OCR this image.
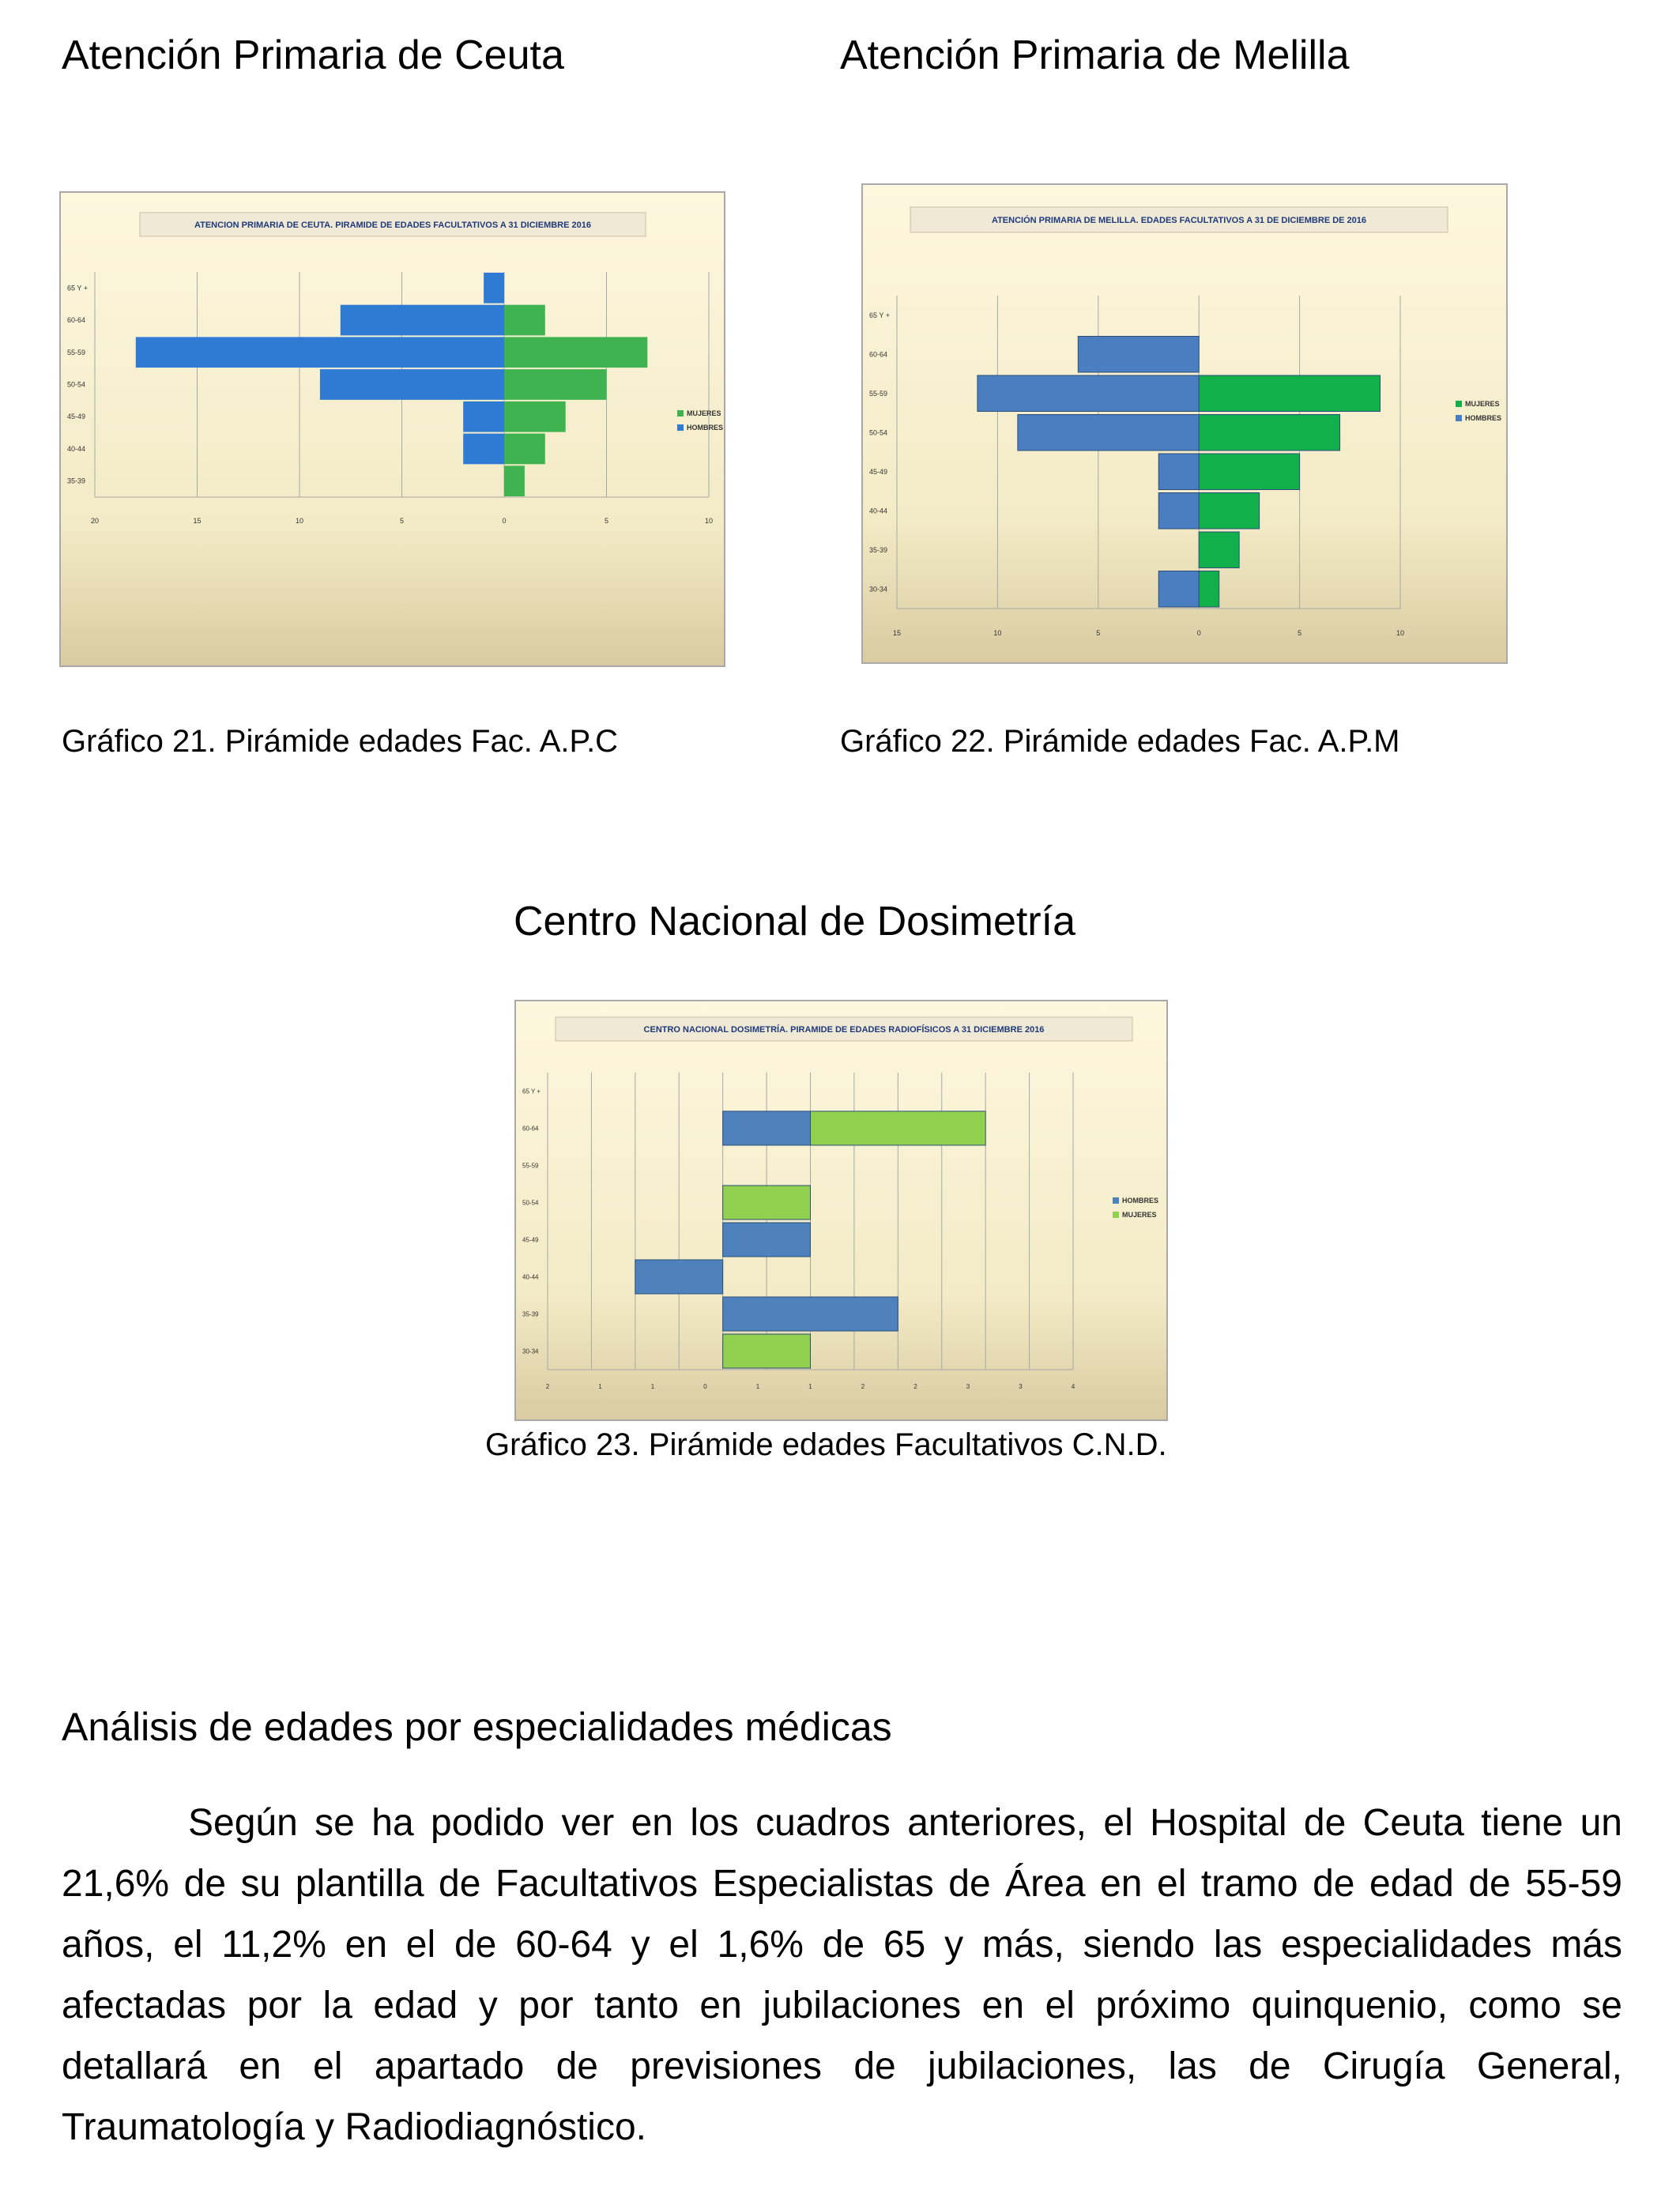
Atención Primaria de Ceuta	Atención Primaria de Melilla
ATENCION PRIMARIA DE CEUTA. PIRAMIDE DE EDADES FACULTATIVOS A 31 DICIEMBRE 2016
20	15	10	5	0	5	10
65 Y +
60-64
55-59
50-54
45-49
40-44
35-39
MUJERES
HOMBRES
Gráfico 21. Pirámide edades Fac. A.P.C
ATENCIÓN PRIMARIA DE MELILLA. EDADES FACULTATIVOS A 31 DE DICIEMBRE DE 2016
15	10	5	0	5	10
65 Y +
60-64
55-59
50-54
45-49
40-44
35-39
30-34
MUJERES
HOMBRES
Gráfico 22. Pirámide edades Fac. A.P.M
Centro Nacional de Dosimetría
CENTRO NACIONAL DOSIMETRÍA. PIRAMIDE DE EDADES RADIOFÍSICOS A 31 DICIEMBRE 2016
2	1	1	0	1	1	2	2	3	3	4
65 Y +
60-64
55-59
50-54
45-49
40-44
35-39
30-34
HOMBRES
MUJERES
Gráfico 23. Pirámide edades Facultativos C.N.D.
Análisis de edades por especialidades médicas

Según se ha podido ver en los cuadros anteriores, el Hospital de Ceuta tiene un 21,6% de su plantilla de Facultativos Especialistas de Área en el tramo de edad de 55-59 años, el 11,2% en el de 60-64 y el 1,6% de 65 y más, siendo las especialidades más afectadas por la edad y por tanto en jubilaciones en el próximo quinquenio, como se detallará en el apartado de previsiones de jubilaciones, las de Cirugía General, Traumatología y Radiodiagnóstico.
